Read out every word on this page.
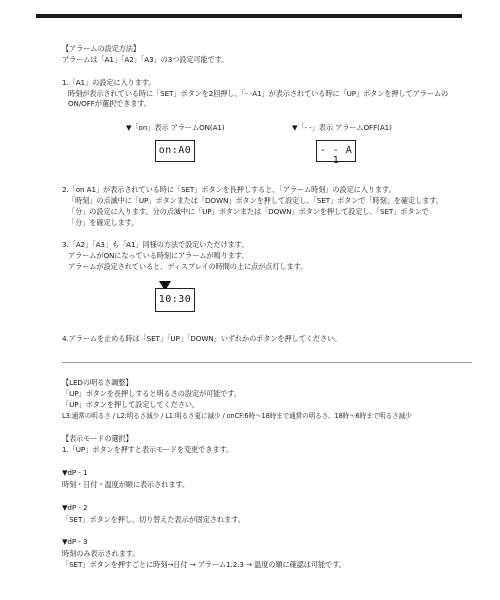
【アラームの設定方法】
アラームは「A1」「A2」「A3」の3つ設定可能です。
1.「A1」の設定に入ります。
時刻が表示されている時に「SET」ボタンを2回押し、「- -A1」が表示されている時に「UP」ボタンを押してアラームの
ON/OFFが選択できます。
▼「on」表示 アラームON(A1)	▼「- -」表示 アラームOFF(A1)
on:A0	- - A 1
2.「on A1」が表示されている時に「SET」ボタンを長押しすると、「アラーム時刻」の設定に入ります。
「時刻」の点滅中に「UP」ボタンまたは「DOWN」ボタンを押して設定し、「SET」ボタンで「時刻」を確定します。
「分」の設定に入ります。分の点滅中に「UP」ボタンまたは「DOWN」ボタンを押して設定し、「SET」ボタンで
「分」を確定します。
3.「A2」「A3」も「A1」同様の方法で設定いただけます。
アラームがONになっている時刻にアラームが鳴ります。
アラームが設定されていると、ディスプレイの時間の上に点が点灯します。
10:30
4.アラームを止める時は「SET」「UP」「DOWN」いずれかのボタンを押してください。
【LEDの明るさ調整】
「UP」ボタンを長押しすると明るさの設定が可能です。
「UP」ボタンを押して設定してください。
L3:通常の明るさ / L2:明るさ減少 / L1:明るさ更に減少 / onCF:6時～18時まで通常の明るさ、18時～6時まで明るさ減少
【表示モードの選択】
1.「UP」ボタンを押すと表示モードを変更できます。
▼dP - 1
時刻・日付・温度が順に表示されます。
▼dP - 2
「SET」ボタンを押し、切り替えた表示が固定されます。
▼dP - 3
時刻のみ表示されます。
「SET」ボタンを押すごとに時刻→日付 → アラーム1.2.3 → 温度の順に確認は可能です。
